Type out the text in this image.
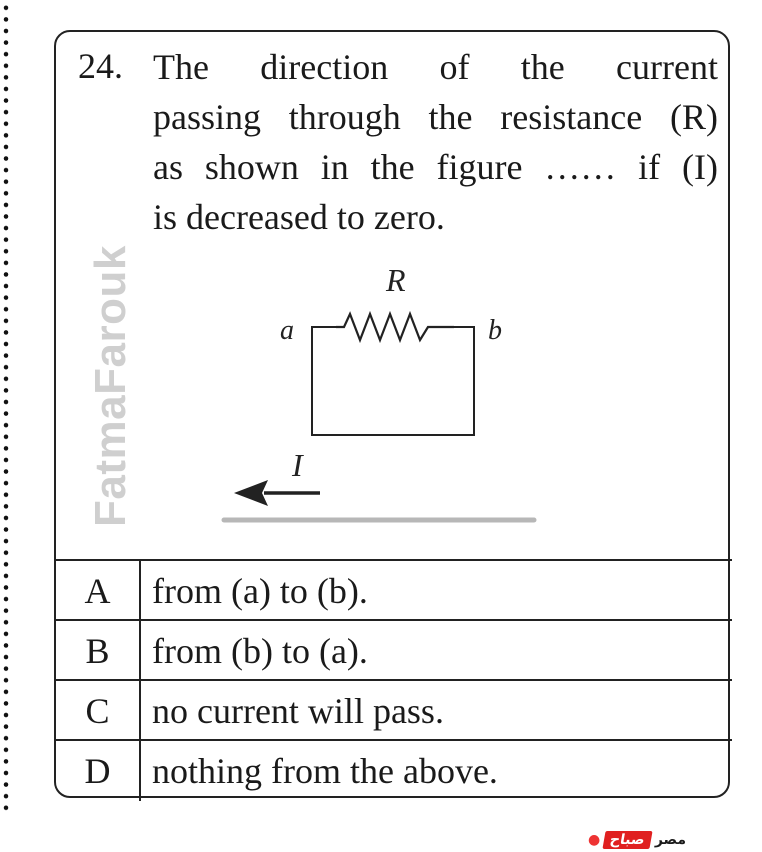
FatmaFarouk
24. The direction of the current
passing through the resistance (R)
as shown in the figure …… if (I)
is decreased to zero.
R
a	b
I
A	from (a) to (b).
B	from (b) to (a).
C	no current will pass.
● صباح مصر
D	nothing from the above.
